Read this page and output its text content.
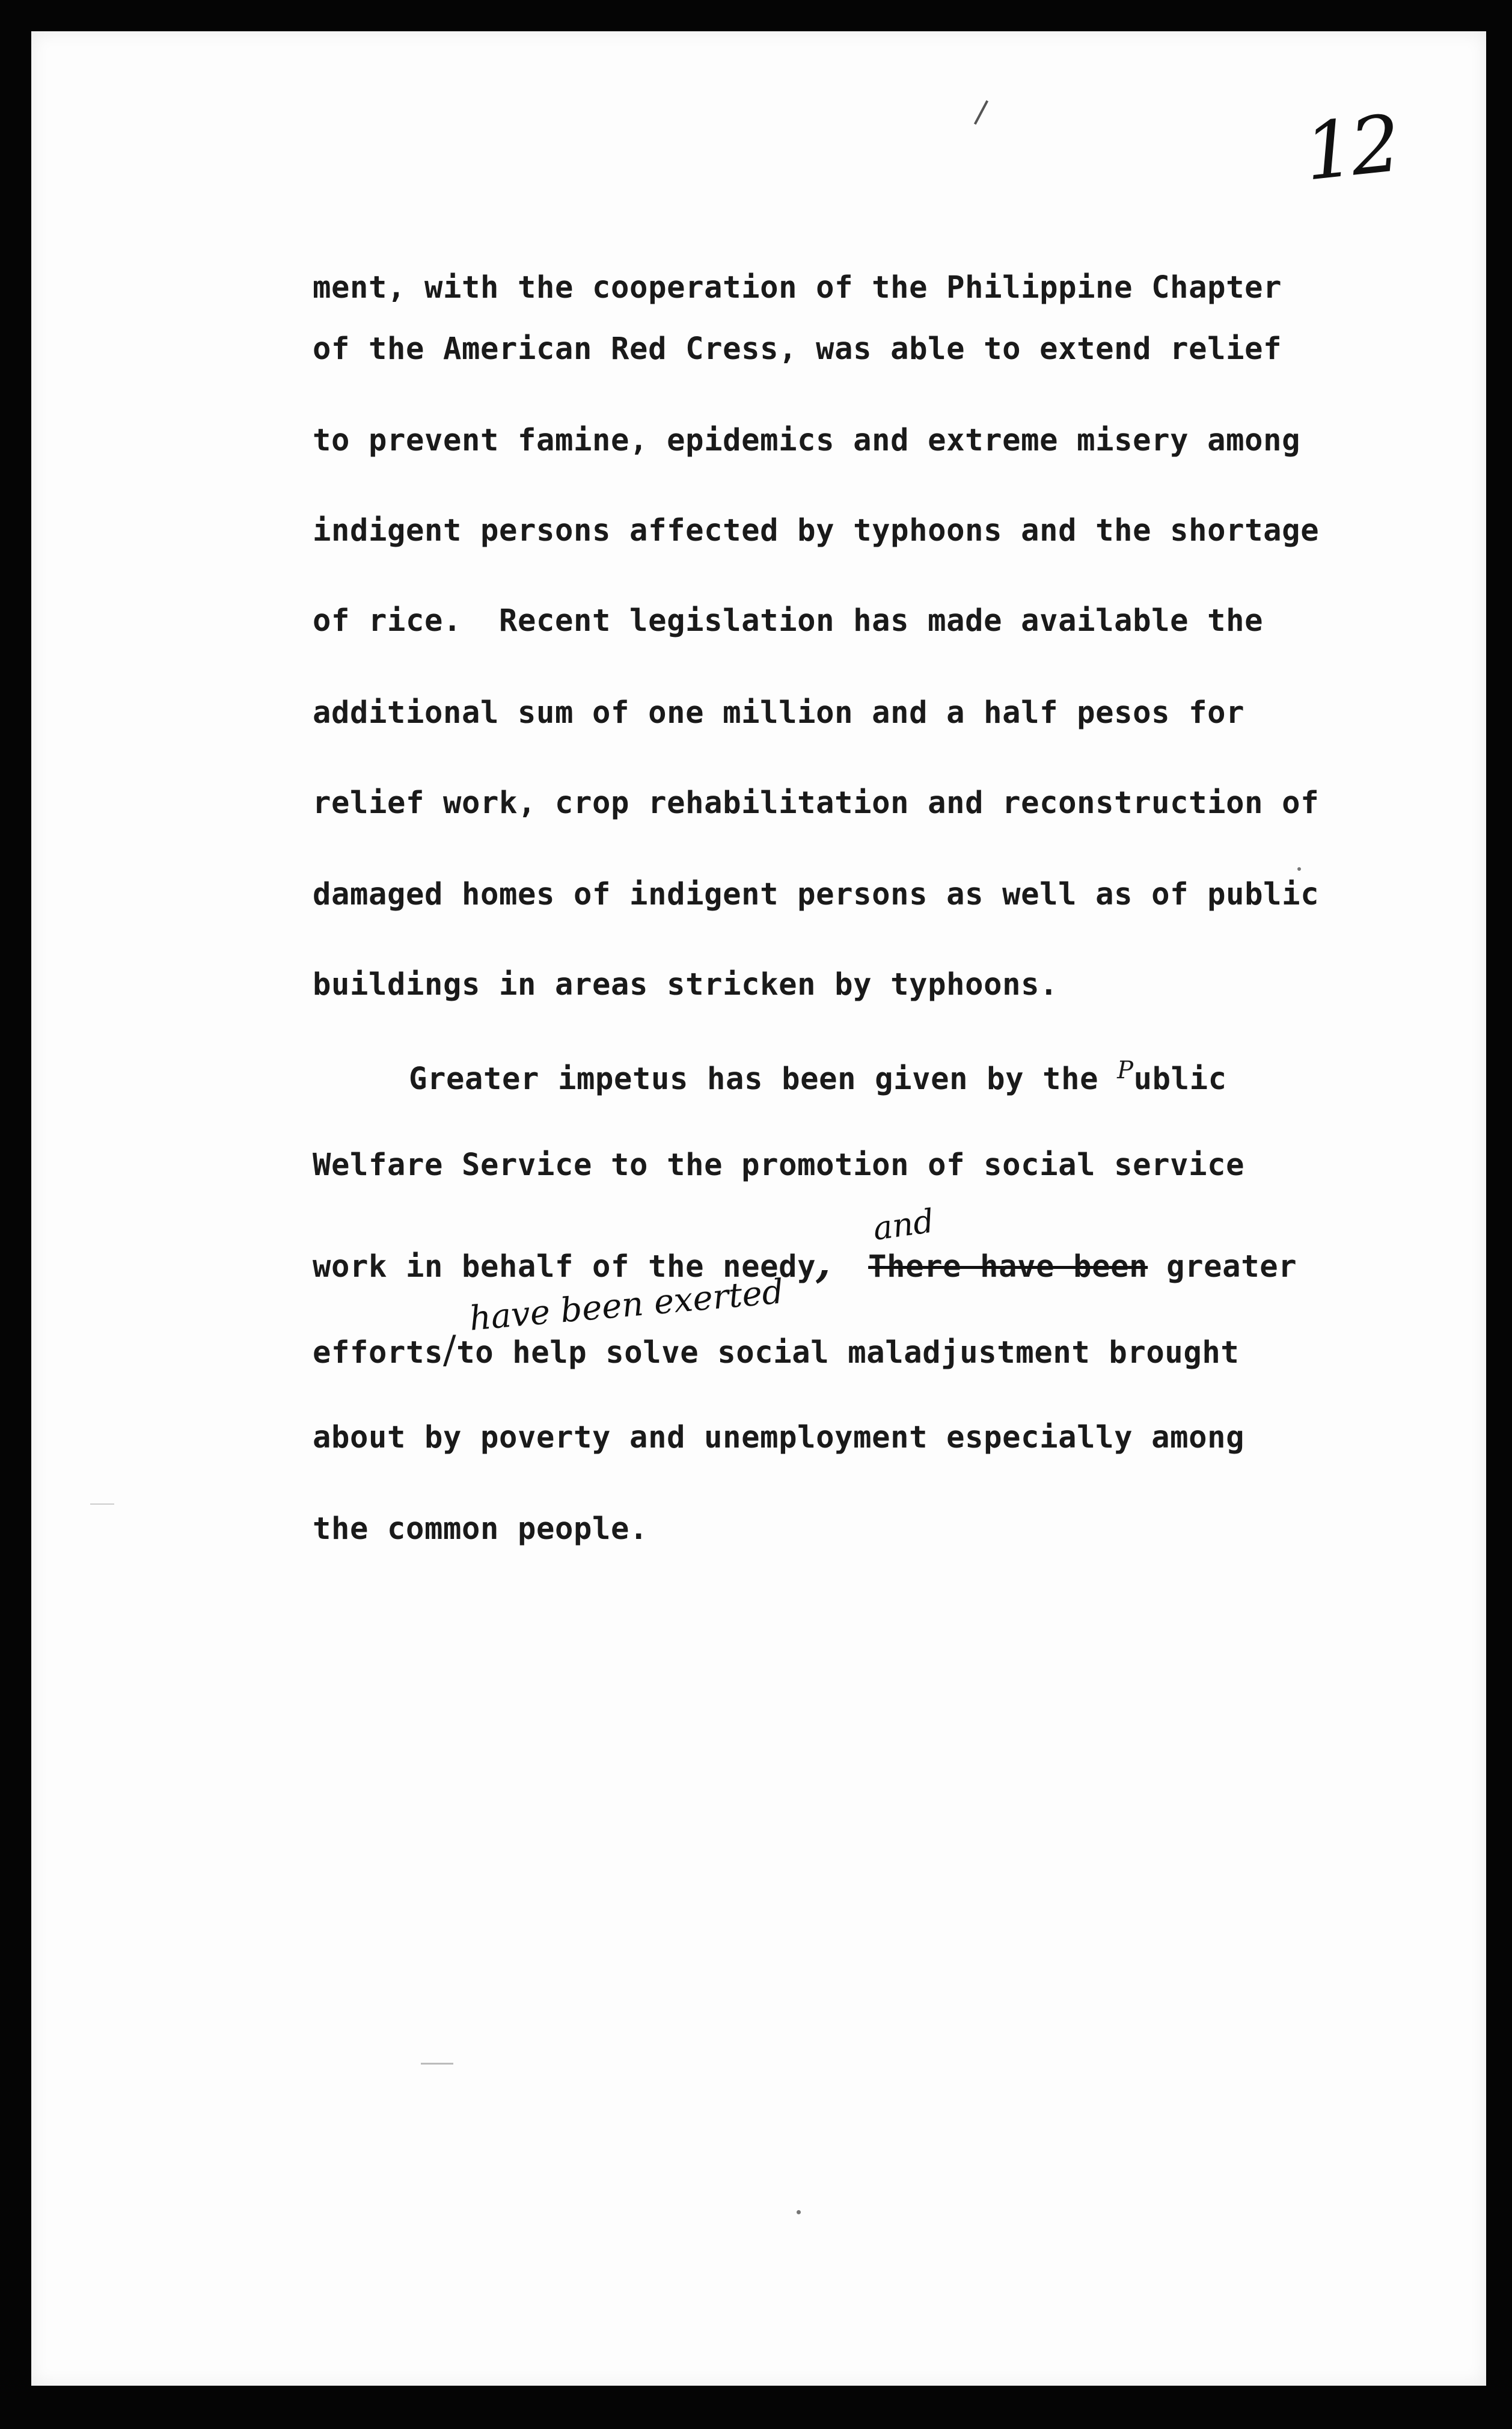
12
ment, with the cooperation of the Philippine Chapter
of the American Red Cress, was able to extend relief
to prevent famine, epidemics and extreme misery among
indigent persons affected by typhoons and the shortage
of rice.  Recent legislation has made available the
additional sum of one million and a half pesos for
relief work, crop rehabilitation and reconstruction of
damaged homes of indigent persons as well as of public
buildings in areas stricken by typhoons.
Greater impetus has been given by the $^P$ublic
Welfare Service to the promotion of social service
and
work in behalf of the needy, There have been greater
have been exerted
efforts/to help solve social maladjustment brought
about by poverty and unemployment especially among
the common people.
